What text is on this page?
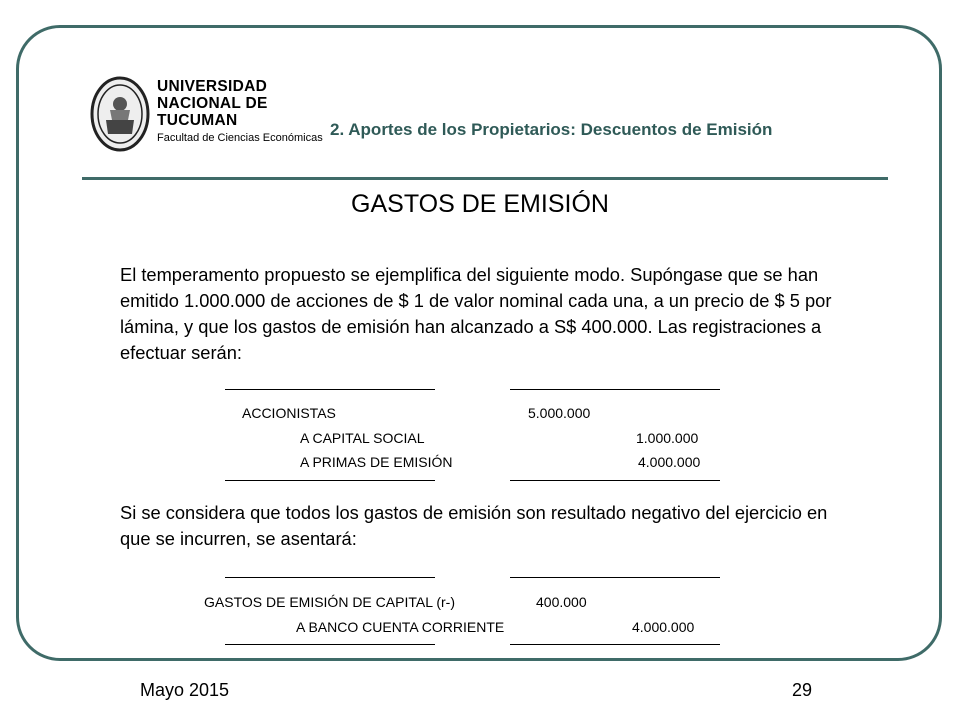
UNIVERSIDAD
NACIONAL DE
TUCUMAN
Facultad de Ciencias Económicas 2. Aportes de los Propietarios: Descuentos de Emisión
GASTOS DE EMISIÓN
El temperamento propuesto se ejemplifica del siguiente modo. Supóngase que se han emitido 1.000.000 de acciones de $ 1 de valor nominal cada una, a un precio de $ 5 por lámina, y que los gastos de emisión han alcanzado a S$ 400.000. Las registraciones a efectuar serán:
ACCIONISTAS	5.000.000
A CAPITAL SOCIAL	1.000.000
A PRIMAS DE EMISIÓN	4.000.000
Si se considera que todos los gastos de emisión son resultado negativo del ejercicio en que se incurren, se asentará:
GASTOS DE EMISIÓN DE CAPITAL (r-)	400.000
A BANCO CUENTA CORRIENTE	4.000.000
Mayo 2015	29
